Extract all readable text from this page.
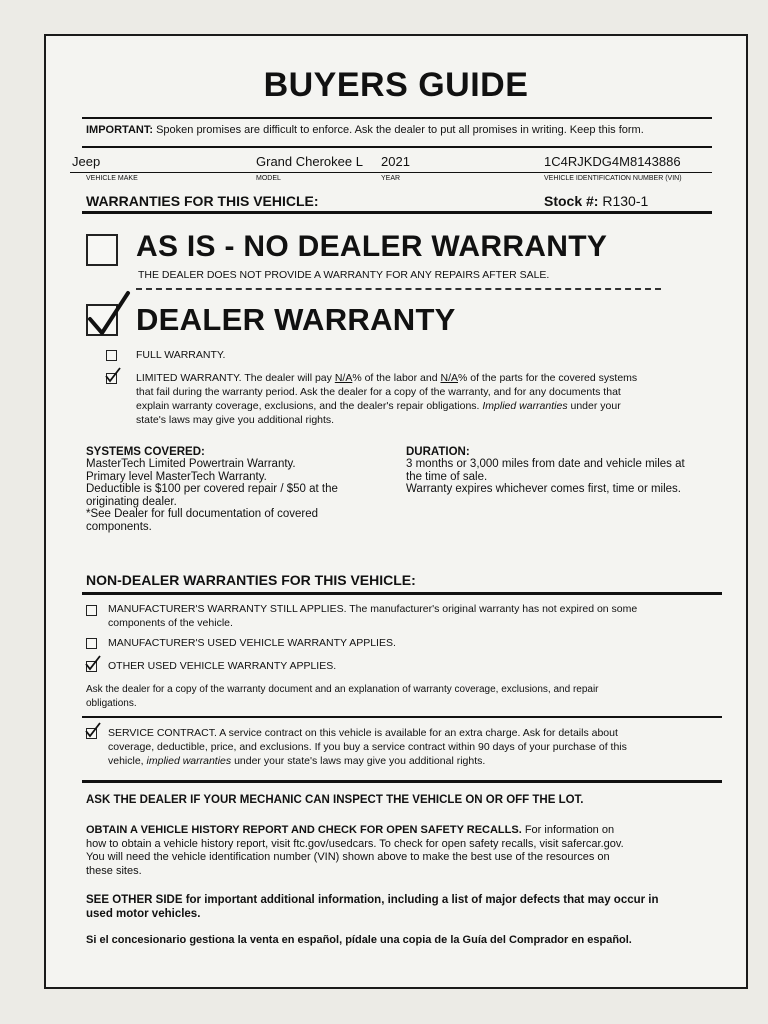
BUYERS GUIDE
IMPORTANT: Spoken promises are difficult to enforce. Ask the dealer to put all promises in writing. Keep this form.
Jeep	Grand Cherokee L 2021	1C4RJKDG4M8143886
VEHICLE MAKE	MODEL	YEAR	VEHICLE IDENTIFICATION NUMBER (VIN)
WARRANTIES FOR THIS VEHICLE:	Stock #: R130-1
AS IS - NO DEALER WARRANTY
THE DEALER DOES NOT PROVIDE A WARRANTY FOR ANY REPAIRS AFTER SALE.
DEALER WARRANTY
FULL WARRANTY.
LIMITED WARRANTY. The dealer will pay N/A% of the labor and N/A% of the parts for the covered systems
that fail during the warranty period. Ask the dealer for a copy of the warranty, and for any documents that
explain warranty coverage, exclusions, and the dealer's repair obligations. Implied warranties under your
state's laws may give you additional rights.
SYSTEMS COVERED:
MasterTech Limited Powertrain Warranty.
Primary level MasterTech Warranty.
Deductible is $100 per covered repair / $50 at the
originating dealer.
*See Dealer for full documentation of covered
components.
DURATION:
3 months or 3,000 miles from date and vehicle miles at
the time of sale.
Warranty expires whichever comes first, time or miles.
NON-DEALER WARRANTIES FOR THIS VEHICLE:
MANUFACTURER'S WARRANTY STILL APPLIES. The manufacturer's original warranty has not expired on some
components of the vehicle.
MANUFACTURER'S USED VEHICLE WARRANTY APPLIES.
OTHER USED VEHICLE WARRANTY APPLIES.
Ask the dealer for a copy of the warranty document and an explanation of warranty coverage, exclusions, and repair
obligations.
SERVICE CONTRACT. A service contract on this vehicle is available for an extra charge. Ask for details about
coverage, deductible, price, and exclusions. If you buy a service contract within 90 days of your purchase of this
vehicle, implied warranties under your state's laws may give you additional rights.
ASK THE DEALER IF YOUR MECHANIC CAN INSPECT THE VEHICLE ON OR OFF THE LOT.
OBTAIN A VEHICLE HISTORY REPORT AND CHECK FOR OPEN SAFETY RECALLS. For information on
how to obtain a vehicle history report, visit ftc.gov/usedcars. To check for open safety recalls, visit safercar.gov.
You will need the vehicle identification number (VIN) shown above to make the best use of the resources on
these sites.
SEE OTHER SIDE for important additional information, including a list of major defects that may occur in
used motor vehicles.
Si el concesionario gestiona la venta en español, pídale una copia de la Guía del Comprador en español.
